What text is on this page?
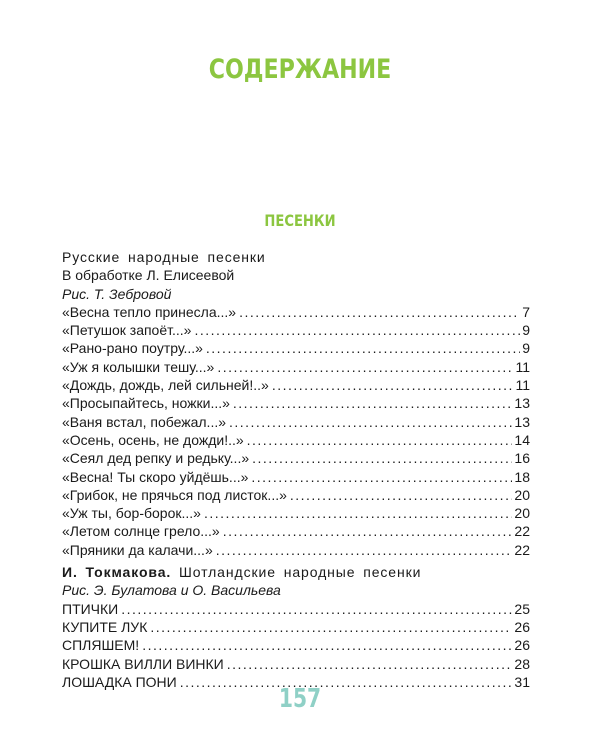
СОДЕРЖАНИЕ
ПЕСЕНКИ
Русские народные песенки
В обработке Л. Елисеевой
Рис. Т. Зебровой
«Весна тепло принесла...» . . .	7
«Петушок запоёт...» . . .	9
«Рано-рано поутру...» . . .	9
«Уж я колышки тешу...» . . .	11
«Дождь, дождь, лей сильней!..» . . .	11
«Просыпайтесь, ножки...» . . .	13
«Ваня встал, побежал...» . . .	13
«Осень, осень, не дожди!..» . . .	14
«Сеял дед репку и редьку...» . . .	16
«Весна! Ты скоро уйдёшь...» . . .	18
«Грибок, не прячься под листок...» . . .	20
«Уж ты, бор-борок...» . . .	20
«Летом солнце грело...» . . .	22
«Пряники да калачи...» . . .	22
И. Токмакова. Шотландские народные песенки
Рис. Э. Булатова и О. Васильева
ПТИЧКИ . . .	25
КУПИТЕ ЛУК . . .	26
СПЛЯШЕМ! . . .	26
КРОШКА ВИЛЛИ ВИНКИ . . .	28
ЛОШАДКА ПОНИ . . .	31
157
